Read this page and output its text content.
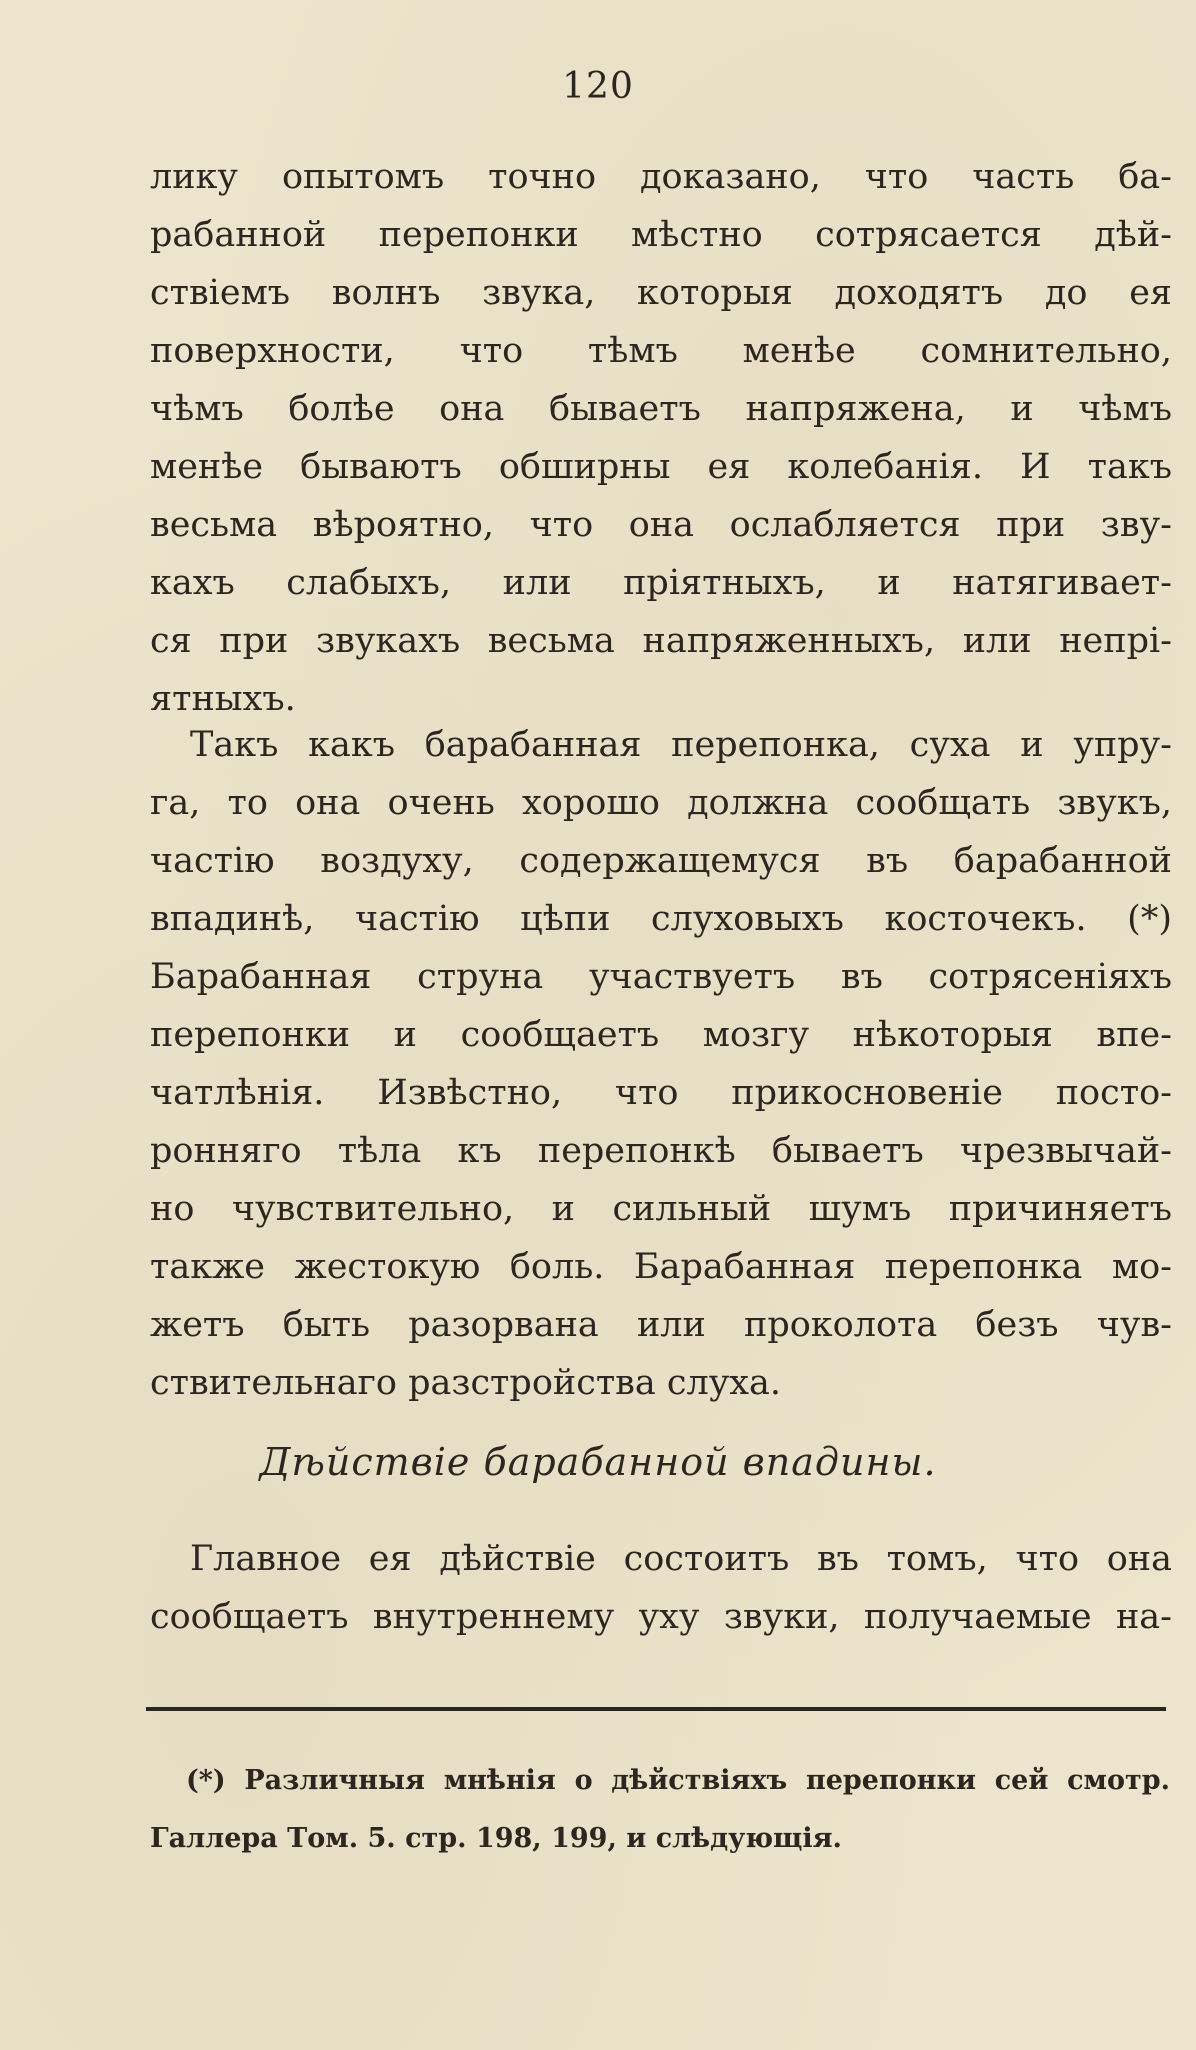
120
лику опытомъ точно доказано, что часть ба-
рабанной перепонки мѣстно сотрясается дѣй-
ствіемъ волнъ звука, которыя доходятъ до ея
поверхности, что тѣмъ менѣе сомнительно,
чѣмъ болѣе она бываетъ напряжена, и чѣмъ
менѣе бываютъ обширны ея колебанія. И такъ
весьма вѣроятно, что она ослабляется при зву-
кахъ слабыхъ, или пріятныхъ, и натягивает-
ся при звукахъ весьма напряженныхъ, или непрі-
ятныхъ.
Такъ какъ барабанная перепонка, суха и упру-
га, то она очень хорошо должна сообщать звукъ,
частію воздуху, содержащемуся въ барабанной
впадинѣ, частію цѣпи слуховыхъ косточекъ. (*)
Барабанная струна участвуетъ въ сотрясеніяхъ
перепонки и сообщаетъ мозгу нѣкоторыя впе-
чатлѣнія. Извѣстно, что прикосновеніе посто-
ронняго тѣла къ перепонкѣ бываетъ чрезвычай-
но чувствительно, и сильный шумъ причиняетъ
также жестокую боль. Барабанная перепонка мо-
жетъ быть разорвана или проколота безъ чув-
ствительнаго разстройства слуха.
Дѣйствіе барабанной впадины.
Главное ея дѣйствіе состоитъ въ томъ, что она
сообщаетъ внутреннему уху звуки, получаемые на-
(*) Различныя мнѣнія о дѣйствіяхъ перепонки сей смотр.
Галлера Том. 5. стр. 198, 199, и слѣдующія.
